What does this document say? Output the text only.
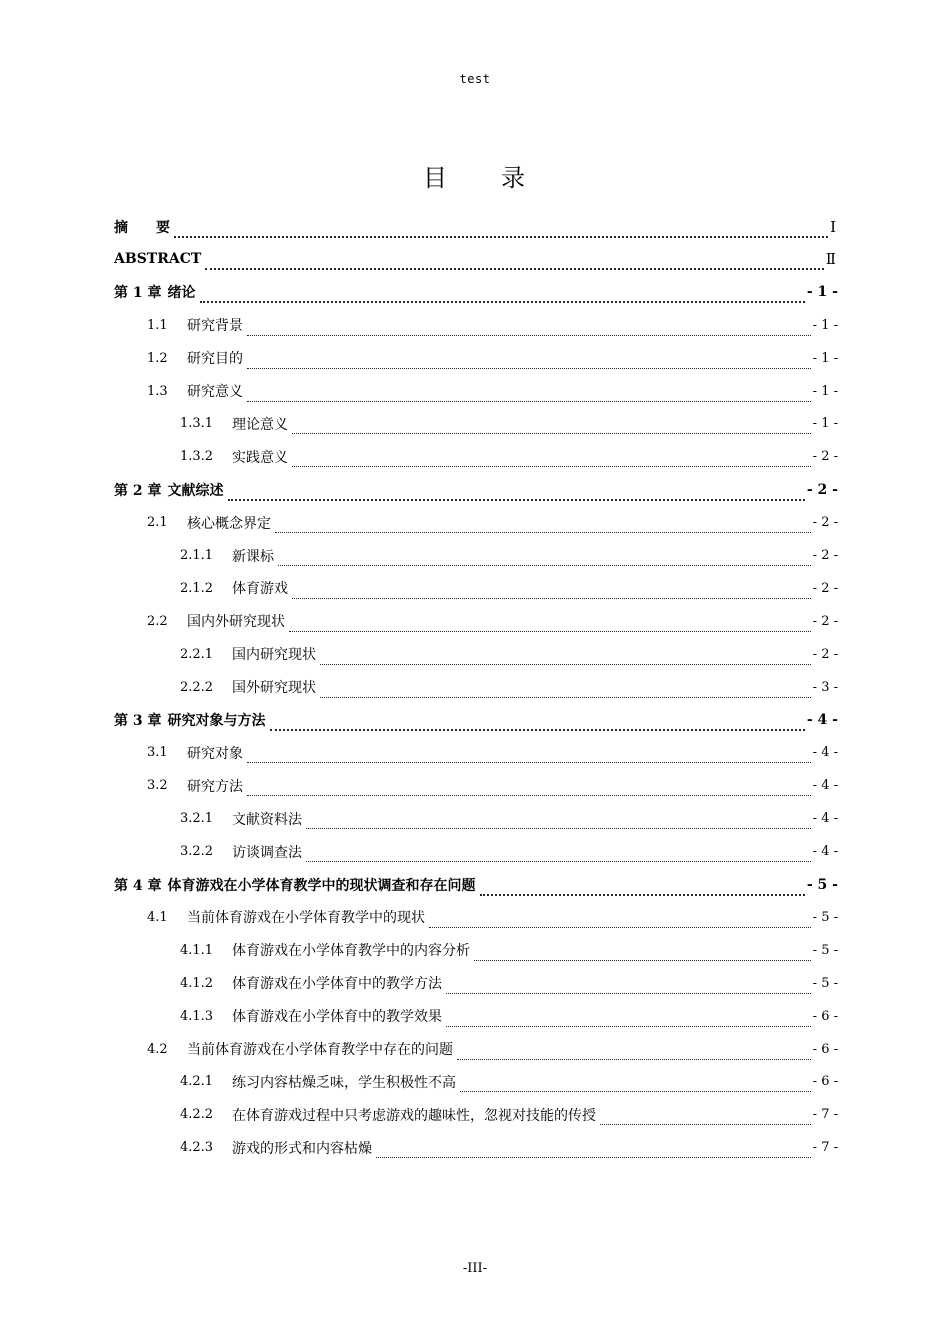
test
目　　录
摘　　要	Ⅰ
ABSTRACT	Ⅱ
第 1 章 绪论	- 1 -
1.1	研究背景	- 1 -
1.2	研究目的	- 1 -
1.3	研究意义	- 1 -
1.3.1	理论意义	- 1 -
1.3.2	实践意义	- 2 -
第 2 章 文献综述	- 2 -
2.1	核心概念界定	- 2 -
2.1.1	新课标	- 2 -
2.1.2	体育游戏	- 2 -
2.2	国内外研究现状	- 2 -
2.2.1	国内研究现状	- 2 -
2.2.2	国外研究现状	- 3 -
第 3 章 研究对象与方法	- 4 -
3.1	研究对象	- 4 -
3.2	研究方法	- 4 -
3.2.1	文献资料法	- 4 -
3.2.2	访谈调查法	- 4 -
第 4 章 体育游戏在小学体育教学中的现状调查和存在问题	- 5 -
4.1	当前体育游戏在小学体育教学中的现状	- 5 -
4.1.1	体育游戏在小学体育教学中的内容分析	- 5 -
4.1.2	体育游戏在小学体育中的教学方法	- 5 -
4.1.3	体育游戏在小学体育中的教学效果	- 6 -
4.2	当前体育游戏在小学体育教学中存在的问题	- 6 -
4.2.1	练习内容枯燥乏味，学生积极性不高	- 6 -
4.2.2	在体育游戏过程中只考虑游戏的趣味性，忽视对技能的传授	- 7 -
4.2.3	游戏的形式和内容枯燥	- 7 -
-III-
